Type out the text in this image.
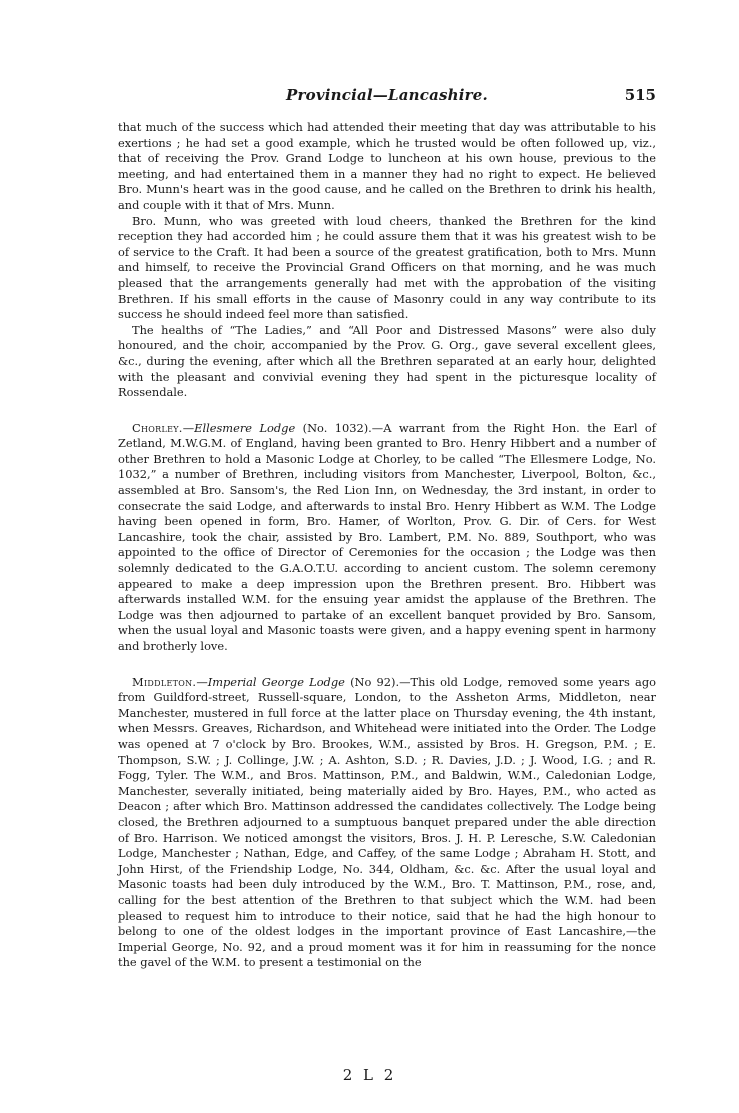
Provincial—Lancashire.	515

that much of the success which had attended their meeting that day was attributable to his exertions ; he had set a good example, which he trusted would be often followed up, viz., that of receiving the Prov. Grand Lodge to luncheon at his own house, previous to the meeting, and had entertained them in a manner they had no right to expect. He believed Bro. Munn's heart was in the good cause, and he called on the Brethren to drink his health, and couple with it that of Mrs. Munn.

Bro. Munn, who was greeted with loud cheers, thanked the Brethren for the kind reception they had accorded him ; he could assure them that it was his greatest wish to be of service to the Craft. It had been a source of the greatest gratification, both to Mrs. Munn and himself, to receive the Provincial Grand Officers on that morning, and he was much pleased that the arrangements generally had met with the approbation of the visiting Brethren. If his small efforts in the cause of Masonry could in any way contribute to its success he should indeed feel more than satisfied.

The healths of “The Ladies,” and “All Poor and Distressed Masons” were also duly honoured, and the choir, accompanied by the Prov. G. Org., gave several excellent glees, &c., during the evening, after which all the Brethren separated at an early hour, delighted with the pleasant and convivial evening they had spent in the picturesque locality of Rossendale.

Chorley.—Ellesmere Lodge (No. 1032).—A warrant from the Right Hon. the Earl of Zetland, M.W.G.M. of England, having been granted to Bro. Henry Hibbert and a number of other Brethren to hold a Masonic Lodge at Chorley, to be called “The Ellesmere Lodge, No. 1032,” a number of Brethren, including visitors from Manchester, Liverpool, Bolton, &c., assembled at Bro. Sansom's, the Red Lion Inn, on Wednesday, the 3rd instant, in order to consecrate the said Lodge, and afterwards to instal Bro. Henry Hibbert as W.M. The Lodge having been opened in form, Bro. Hamer, of Worlton, Prov. G. Dir. of Cers. for West Lancashire, took the chair, assisted by Bro. Lambert, P.M. No. 889, Southport, who was appointed to the office of Director of Ceremonies for the occasion ; the Lodge was then solemnly dedicated to the G.A.O.T.U. according to ancient custom. The solemn ceremony appeared to make a deep impression upon the Brethren present. Bro. Hibbert was afterwards installed W.M. for the ensuing year amidst the applause of the Brethren. The Lodge was then adjourned to partake of an excellent banquet provided by Bro. Sansom, when the usual loyal and Masonic toasts were given, and a happy evening spent in harmony and brotherly love.

Middleton.—Imperial George Lodge (No 92).—This old Lodge, removed some years ago from Guildford-street, Russell-square, London, to the Assheton Arms, Middleton, near Manchester, mustered in full force at the latter place on Thursday evening, the 4th instant, when Messrs. Greaves, Richardson, and Whitehead were initiated into the Order. The Lodge was opened at 7 o'clock by Bro. Brookes, W.M., assisted by Bros. H. Gregson, P.M. ; E. Thompson, S.W. ; J. Collinge, J.W. ; A. Ashton, S.D. ; R. Davies, J.D. ; J. Wood, I.G. ; and R. Fogg, Tyler. The W.M., and Bros. Mattinson, P.M., and Baldwin, W.M., Caledonian Lodge, Manchester, severally initiated, being materially aided by Bro. Hayes, P.M., who acted as Deacon ; after which Bro. Mattinson addressed the candidates collectively. The Lodge being closed, the Brethren adjourned to a sumptuous banquet prepared under the able direction of Bro. Harrison. We noticed amongst the visitors, Bros. J. H. P. Leresche, S.W. Caledonian Lodge, Manchester ; Nathan, Edge, and Caffey, of the same Lodge ; Abraham H. Stott, and John Hirst, of the Friendship Lodge, No. 344, Oldham, &c. &c. After the usual loyal and Masonic toasts had been duly introduced by the W.M., Bro. T. Mattinson, P.M., rose, and, calling for the best attention of the Brethren to that subject which the W.M. had been pleased to request him to introduce to their notice, said that he had the high honour to belong to one of the oldest lodges in the important province of East Lancashire,—the Imperial George, No. 92, and a proud moment was it for him in reassuming for the nonce the gavel of the W.M. to present a testimonial on the

2 L 2
